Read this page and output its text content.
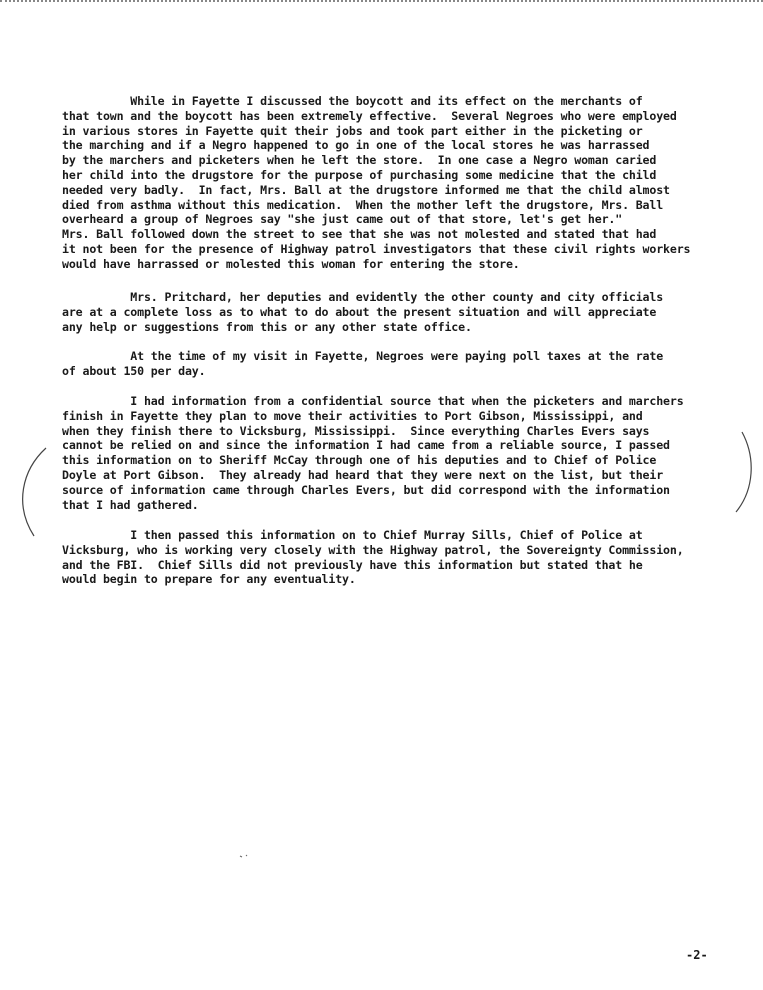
While in Fayette I discussed the boycott and its effect on the merchants of
that town and the boycott has been extremely effective.  Several Negroes who were employed
in various stores in Fayette quit their jobs and took part either in the picketing or
the marching and if a Negro happened to go in one of the local stores he was harrassed
by the marchers and picketers when he left the store.  In one case a Negro woman caried
her child into the drugstore for the purpose of purchasing some medicine that the child
needed very badly.  In fact, Mrs. Ball at the drugstore informed me that the child almost
died from asthma without this medication.  When the mother left the drugstore, Mrs. Ball
overheard a group of Negroes say "she just came out of that store, let's get her."
Mrs. Ball followed down the street to see that she was not molested and stated that had
it not been for the presence of Highway patrol investigators that these civil rights workers
would have harrassed or molested this woman for entering the store.
Mrs. Pritchard, her deputies and evidently the other county and city officials
are at a complete loss as to what to do about the present situation and will appreciate
any help or suggestions from this or any other state office.
At the time of my visit in Fayette, Negroes were paying poll taxes at the rate
of about 150 per day.
I had information from a confidential source that when the picketers and marchers
finish in Fayette they plan to move their activities to Port Gibson, Mississippi, and
when they finish there to Vicksburg, Mississippi.  Since everything Charles Evers says
cannot be relied on and since the information I had came from a reliable source, I passed
this information on to Sheriff McCay through one of his deputies and to Chief of Police
Doyle at Port Gibson.  They already had heard that they were next on the list, but their
source of information came through Charles Evers, but did correspond with the information
that I had gathered.
I then passed this information on to Chief Murray Sills, Chief of Police at
Vicksburg, who is working very closely with the Highway patrol, the Sovereignty Commission,
and the FBI.  Chief Sills did not previously have this information but stated that he
would begin to prepare for any eventuality.
-2-
